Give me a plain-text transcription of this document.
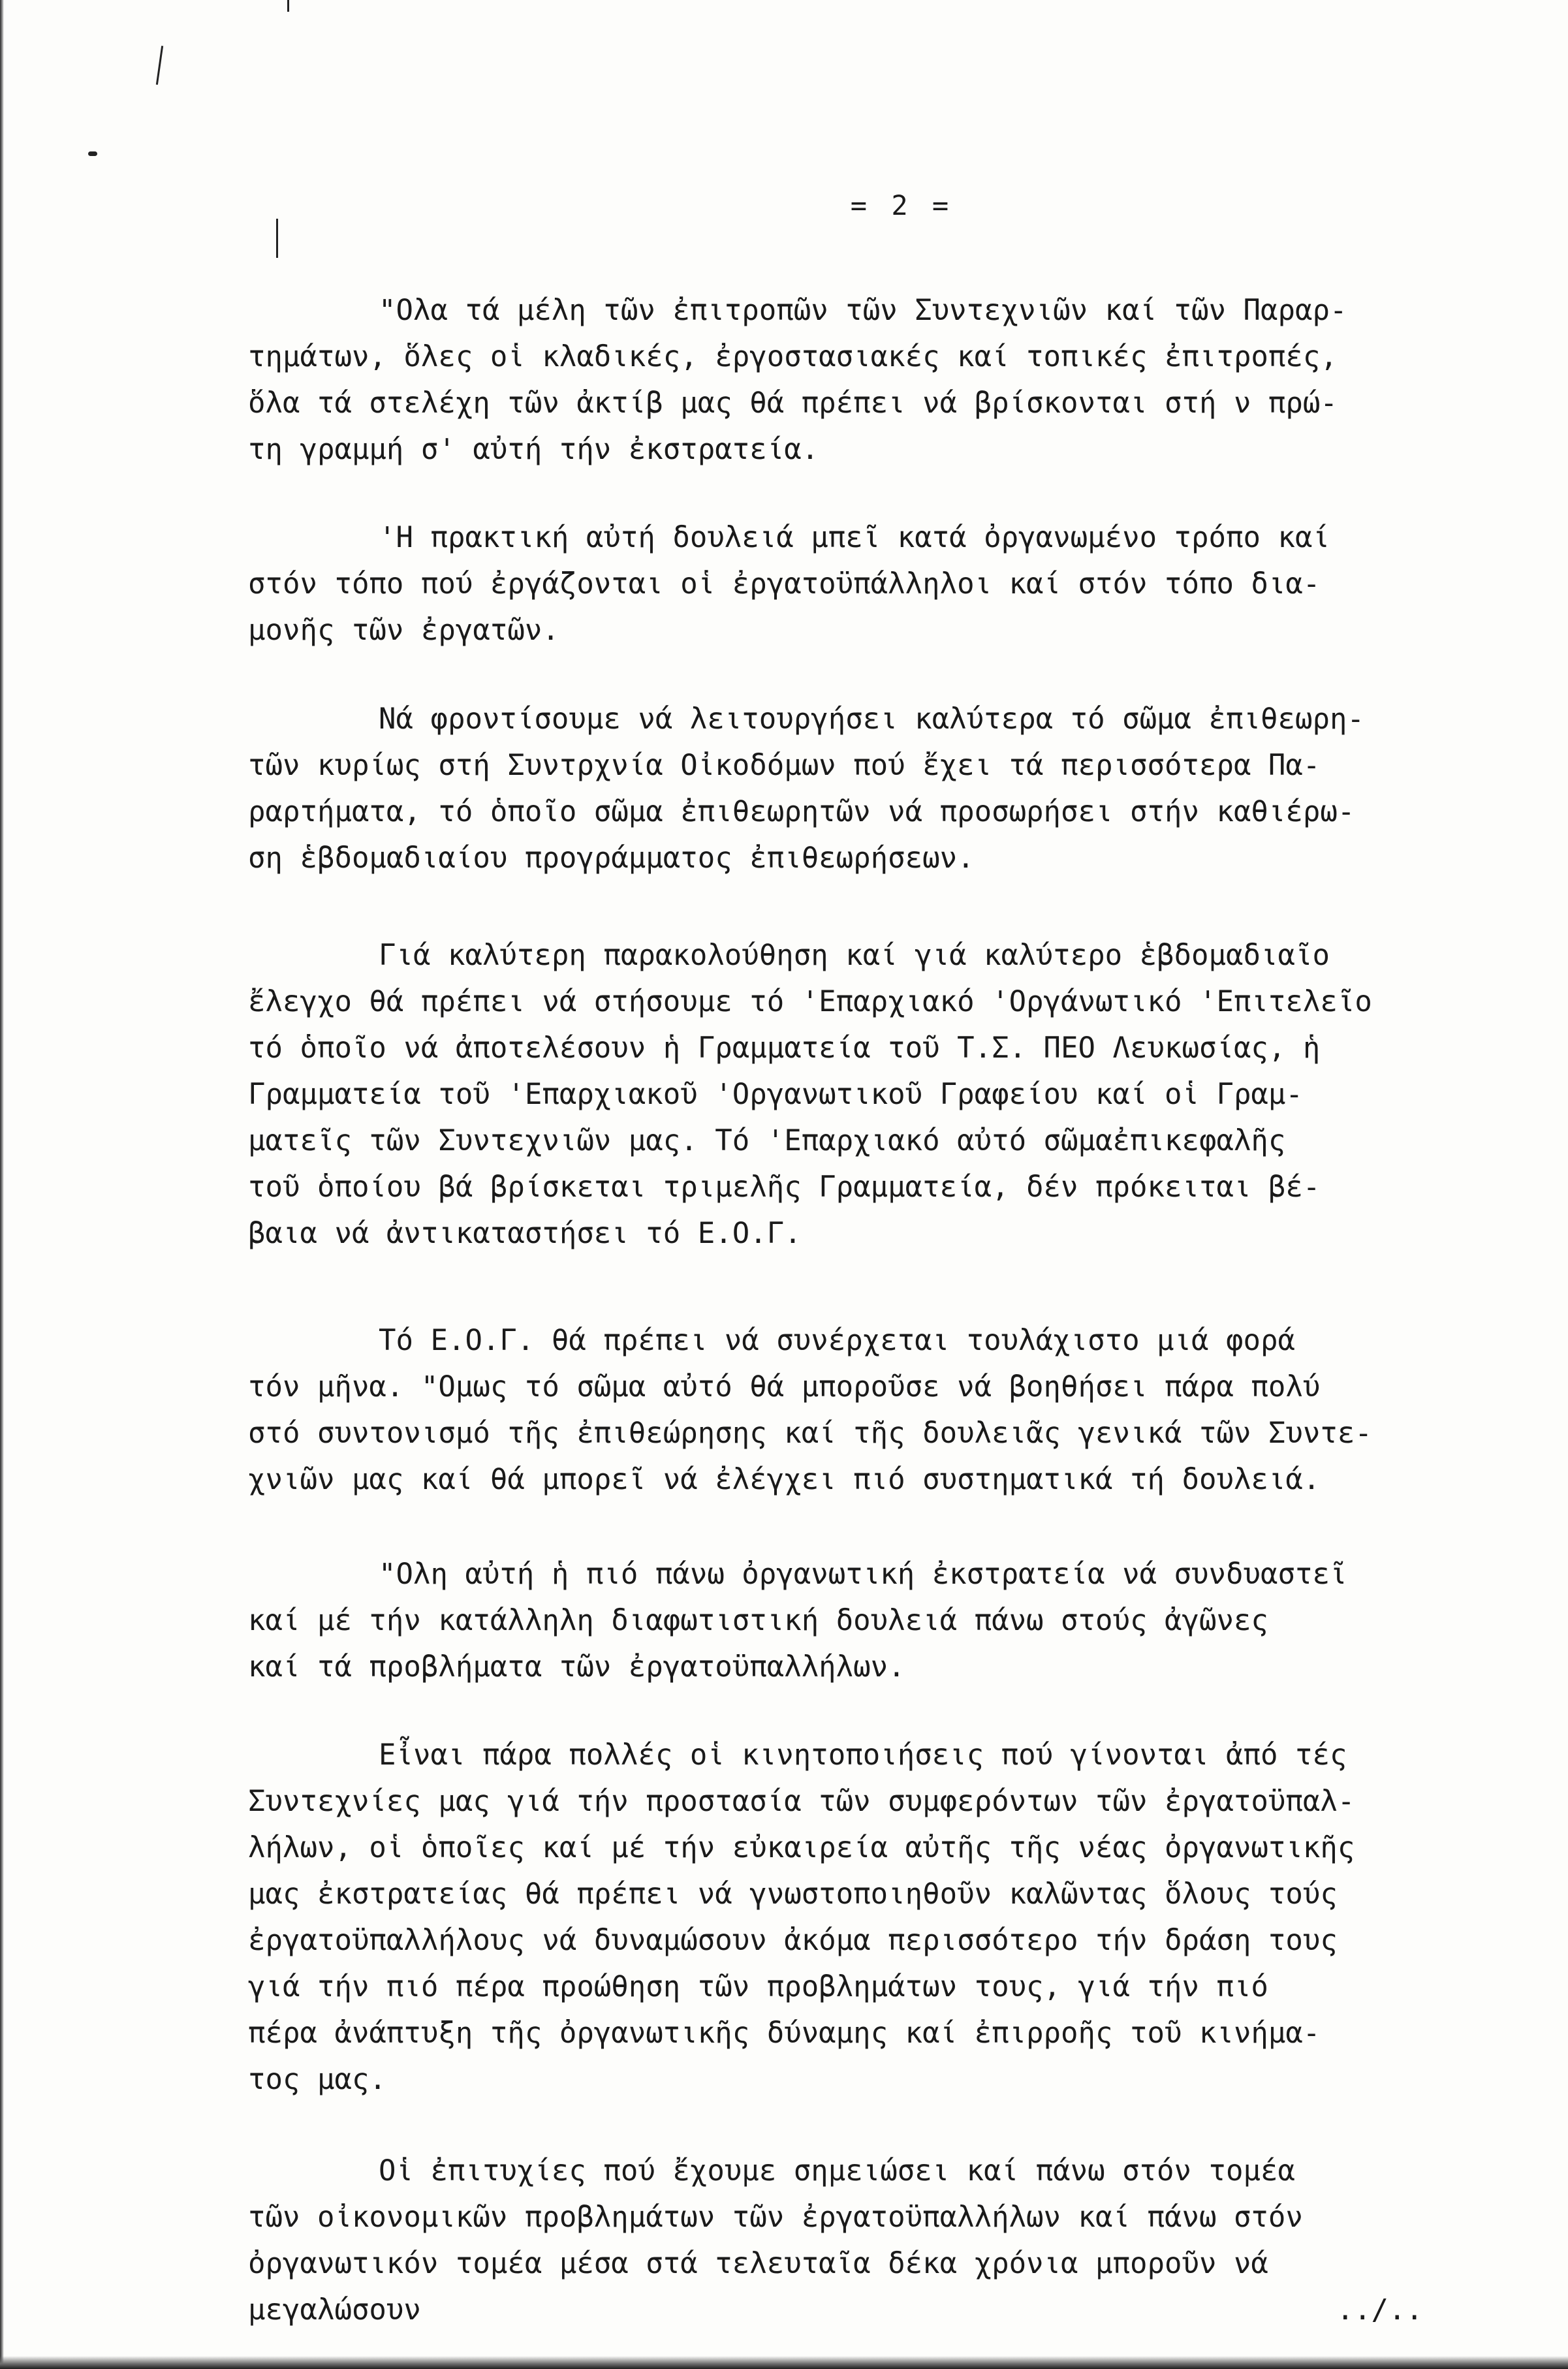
= 2 =
"Ολα τά μέλη τῶν ἐπιτροπῶν τῶν Συντεχνιῶν καί τῶν Παραρ-
τημάτων, ὅλες οἱ κλαδικές, ἐργοστασιακές καί τοπικές ἐπιτροπές,
ὅλα τά στελέχη τῶν ἀκτίβ μας θά πρέπει νά βρίσκονται στή ν πρώ-
τη γραμμή σ' αὐτή τήν ἐκστρατεία.
'Η πρακτική αὐτή δουλειά μπεῖ κατά ὀργανωμένο τρόπο καί
στόν τόπο πού ἐργάζονται οἱ ἐργατοϋπάλληλοι καί στόν τόπο δια-
μονῆς τῶν ἐργατῶν.
Νά φροντίσουμε νά λειτουργήσει καλύτερα τό σῶμα ἐπιθεωρη-
τῶν κυρίως στή Συντρχνία Οἰκοδόμων πού ἔχει τά περισσότερα Πα-
ραρτήματα, τό ὁποῖο σῶμα ἐπιθεωρητῶν νά προσωρήσει στήν καθιέρω-
ση ἑβδομαδιαίου προγράμματος ἐπιθεωρήσεων.
Γιά καλύτερη παρακολούθηση καί γιά καλύτερο ἑβδομαδιαῖο
ἔλεγχο θά πρέπει νά στήσουμε τό 'Επαρχιακό 'Οργάνωτικό 'Επιτελεῖο
τό ὁποῖο νά ἀποτελέσουν ἡ Γραμματεία τοῦ Τ.Σ. ΠΕΟ Λευκωσίας, ἡ
Γραμματεία τοῦ 'Επαρχιακοῦ 'Οργανωτικοῦ Γραφείου καί οἱ Γραμ-
ματεῖς τῶν Συντεχνιῶν μας. Τό 'Επαρχιακό αὐτό σῶμαἐπικεφαλῆς
τοῦ ὁποίου βά βρίσκεται τριμελῆς Γραμματεία, δέν πρόκειται βέ-
βαια νά ἀντικαταστήσει τό Ε.Ο.Γ.
Τό Ε.Ο.Γ. θά πρέπει νά συνέρχεται τουλάχιστο μιά φορά
τόν μῆνα. "Ομως τό σῶμα αὐτό θά μποροῦσε νά βοηθήσει πάρα πολύ
στό συντονισμό τῆς ἐπιθεώρησης καί τῆς δουλειᾶς γενικά τῶν Συντε-
χνιῶν μας καί θά μπορεῖ νά ἐλέγχει πιό συστηματικά τή δουλειά.
"Ολη αὐτή ἡ πιό πάνω ὀργανωτική ἐκστρατεία νά συνδυαστεῖ
καί μέ τήν κατάλληλη διαφωτιστική δουλειά πάνω στούς ἀγῶνες
καί τά προβλήματα τῶν ἐργατοϋπαλλήλων.
Εἶναι πάρα πολλές οἱ κινητοποιήσεις πού γίνονται ἀπό τές
Συντεχνίες μας γιά τήν προστασία τῶν συμφερόντων τῶν ἐργατοϋπαλ-
λήλων, οἱ ὁποῖες καί μέ τήν εὐκαιρεία αὐτῆς τῆς νέας ὀργανωτικῆς
μας ἐκστρατείας θά πρέπει νά γνωστοποιηθοῦν καλῶντας ὅλους τούς
ἐργατοϋπαλλήλους νά δυναμώσουν ἀκόμα περισσότερο τήν δράση τους
γιά τήν πιό πέρα προώθηση τῶν προβλημάτων τους, γιά τήν πιό
πέρα ἀνάπτυξη τῆς ὀργανωτικῆς δύναμης καί ἐπιρροῆς τοῦ κινήμα-
τος μας.
Οἱ ἐπιτυχίες πού ἔχουμε σημειώσει καί πάνω στόν τομέα
τῶν οἰκονομικῶν προβλημάτων τῶν ἐργατοϋπαλλήλων καί πάνω στόν
ὀργανωτικόν τομέα μέσα στά τελευταῖα δέκα χρόνια μποροῦν νά
μεγαλώσουν	../..
